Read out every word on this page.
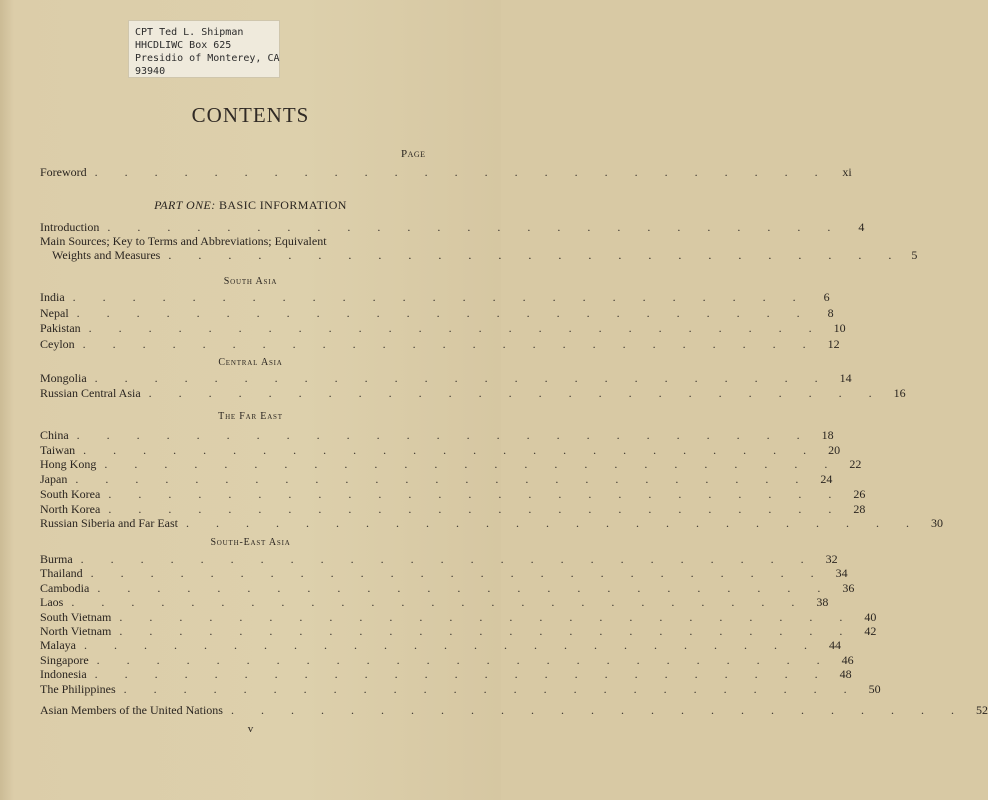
CPT Ted L. Shipman
HHCDLIWC Box 625
Presidio of Monterey, CA
93940
CONTENTS
Page
Foreword . . . . . . . . . . . . . . . . . . . . . . . . .	xi
PART ONE: BASIC INFORMATION
Introduction . . . . . . . . . . . . . . . . . . . . . . . . .	4
Main Sources; Key to Terms and Abbreviations; Equivalent
Weights and Measures . . . . . . . . . . . . . . . . . . . . . . . . . 5
South Asia
India . . . . . . . . . . . . . . . . . . . . . . . . .	6
Nepal . . . . . . . . . . . . . . . . . . . . . . . . .	8
Pakistan . . . . . . . . . . . . . . . . . . . . . . . . . 10
Ceylon . . . . . . . . . . . . . . . . . . . . . . . . . 12
Central Asia
Mongolia . . . . . . . . . . . . . . . . . . . . . . . . . 14
Russian Central Asia . . . . . . . . . . . . . . . . . . . . . . . . . 16
The Far East
China . . . . . . . . . . . . . . . . . . . . . . . . . 18
Taiwan . . . . . . . . . . . . . . . . . . . . . . . . . 20
Hong Kong . . . . . . . . . . . . . . . . . . . . . . . . . 22
Japan . . . . . . . . . . . . . . . . . . . . . . . . . 24
South Korea . . . . . . . . . . . . . . . . . . . . . . . . . 26
North Korea . . . . . . . . . . . . . . . . . . . . . . . . . 28
Russian Siberia and Far East . . . . . . . . . . . . . . . . . . . . . . . . . 30
South-East Asia
Burma . . . . . . . . . . . . . . . . . . . . . . . . . 32
Thailand . . . . . . . . . . . . . . . . . . . . . . . . . 34
Cambodia . . . . . . . . . . . . . . . . . . . . . . . . . 36
Laos . . . . . . . . . . . . . . . . . . . . . . . . . 38
South Vietnam . . . . . . . . . . . . . . . . . . . . . . . . . 40
North Vietnam . . . . . . . . . . . . . . . . . . . . . . . . . 42
Malaya . . . . . . . . . . . . . . . . . . . . . . . . . 44
Singapore . . . . . . . . . . . . . . . . . . . . . . . . . 46
Indonesia . . . . . . . . . . . . . . . . . . . . . . . . . 48
The Philippines . . . . . . . . . . . . . . . . . . . . . . . . . 50
Asian Members of the United Nations . . . . . . . . . . . . . . . . . . . . . . . . . 52
v
